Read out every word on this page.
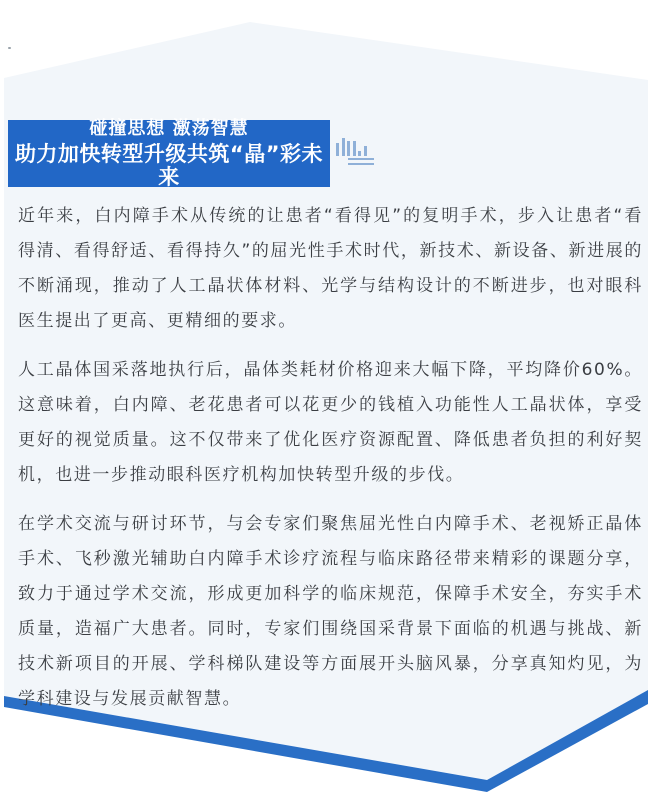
碰撞思想 激荡智慧
助力加快转型升级共筑“晶”彩未来

近年来，白内障手术从传统的让患者“看得见”的复明手术，步入让患者“看得清、看得舒适、看得持久”的屈光性手术时代，新技术、新设备、新进展的不断涌现，推动了人工晶状体材料、光学与结构设计的不断进步，也对眼科医生提出了更高、更精细的要求。

人工晶体国采落地执行后，晶体类耗材价格迎来大幅下降，平均降价60%。这意味着，白内障、老花患者可以花更少的钱植入功能性人工晶状体，享受更好的视觉质量。这不仅带来了优化医疗资源配置、降低患者负担的利好契机，也进一步推动眼科医疗机构加快转型升级的步伐。

在学术交流与研讨环节，与会专家们聚焦屈光性白内障手术、老视矫正晶体手术、飞秒激光辅助白内障手术诊疗流程与临床路径带来精彩的课题分享，致力于通过学术交流，形成更加科学的临床规范，保障手术安全，夯实手术质量，造福广大患者。同时，专家们围绕国采背景下面临的机遇与挑战、新技术新项目的开展、学科梯队建设等方面展开头脑风暴，分享真知灼见，为学科建设与发展贡献智慧。
